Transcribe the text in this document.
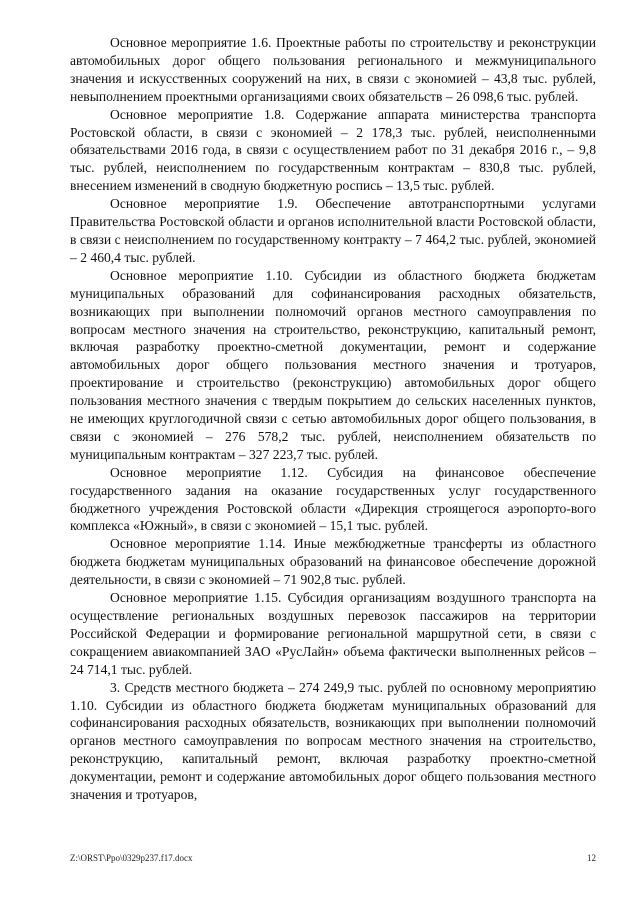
Основное мероприятие 1.6. Проектные работы по строительству и реконструкции автомобильных дорог общего пользования регионального и межмуниципального значения и искусственных сооружений на них, в связи с экономией – 43,8 тыс. рублей, невыполнением проектными организациями своих обязательств – 26 098,6 тыс. рублей.

Основное мероприятие 1.8. Содержание аппарата министерства транспорта Ростовской области, в связи с экономией – 2 178,3 тыс. рублей, неисполненными обязательствами 2016 года, в связи с осуществлением работ по 31 декабря 2016 г., – 9,8 тыс. рублей, неисполнением по государственным контрактам – 830,8 тыс. рублей, внесением изменений в сводную бюджетную роспись – 13,5 тыс. рублей.

Основное мероприятие 1.9. Обеспечение автотранспортными услугами Правительства Ростовской области и органов исполнительной власти Ростовской области, в связи с неисполнением по государственному контракту – 7 464,2 тыс. рублей, экономией – 2 460,4 тыс. рублей.

Основное мероприятие 1.10. Субсидии из областного бюджета бюджетам муниципальных образований для софинансирования расходных обязательств, возникающих при выполнении полномочий органов местного самоуправления по вопросам местного значения на строительство, реконструкцию, капитальный ремонт, включая разработку проектно-сметной документации, ремонт и содержание автомобильных дорог общего пользования местного значения и тротуаров, проектирование и строительство (реконструкцию) автомобильных дорог общего пользования местного значения с твердым покрытием до сельских населенных пунктов, не имеющих круглогодичной связи с сетью автомобильных дорог общего пользования, в связи с экономией – 276 578,2 тыс. рублей, неисполнением обязательств по муниципальным контрактам – 327 223,7 тыс. рублей.

Основное мероприятие 1.12. Субсидия на финансовое обеспечение государственного задания на оказание государственных услуг государственного бюджетного учреждения Ростовской области «Дирекция строящегося аэропорто-вого комплекса «Южный», в связи с экономией – 15,1 тыс. рублей.

Основное мероприятие 1.14. Иные межбюджетные трансферты из областного бюджета бюджетам муниципальных образований на финансовое обеспечение дорожной деятельности, в связи с экономией – 71 902,8 тыс. рублей.

Основное мероприятие 1.15. Субсидия организациям воздушного транспорта на осуществление региональных воздушных перевозок пассажиров на территории Российской Федерации и формирование региональной маршрутной сети, в связи с сокращением авиакомпанией ЗАО «РусЛайн» объема фактически выполненных рейсов – 24 714,1 тыс. рублей.

3. Средств местного бюджета – 274 249,9 тыс. рублей по основному мероприятию 1.10. Субсидии из областного бюджета бюджетам муниципальных образований для софинансирования расходных обязательств, возникающих при выполнении полномочий органов местного самоуправления по вопросам местного значения на строительство, реконструкцию, капитальный ремонт, включая разработку проектно-сметной документации, ремонт и содержание автомобильных дорог общего пользования местного значения и тротуаров,

Z:\ORST\Ppo\0329p237.f17.docx	12
